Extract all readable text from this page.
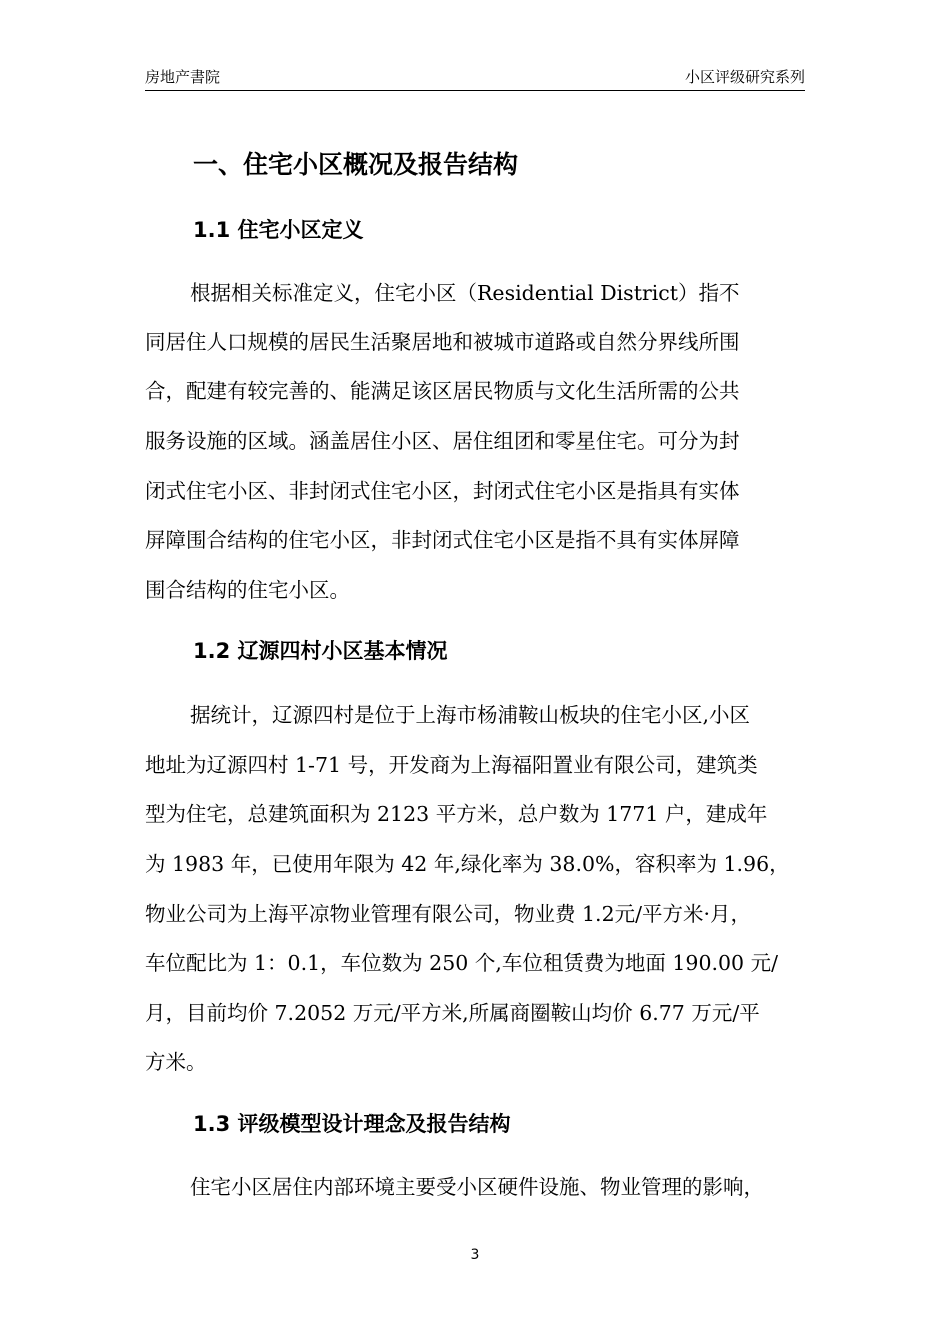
房地产書院	小区评级研究系列
一、住宅小区概况及报告结构
1.1 住宅小区定义
根据相关标准定义，住宅小区（Residential District）指不
同居住人口规模的居民生活聚居地和被城市道路或自然分界线所围
合，配建有较完善的、能满足该区居民物质与文化生活所需的公共
服务设施的区域。涵盖居住小区、居住组团和零星住宅。可分为封
闭式住宅小区、非封闭式住宅小区，封闭式住宅小区是指具有实体
屏障围合结构的住宅小区，非封闭式住宅小区是指不具有实体屏障
围合结构的住宅小区。
1.2 辽源四村小区基本情况
据统计，辽源四村是位于上海市杨浦鞍山板块的住宅小区,小区
地址为辽源四村 1-71 号，开发商为上海福阳置业有限公司，建筑类
型为住宅，总建筑面积为 2123 平方米，总户数为 1771 户，建成年
为 1983 年，已使用年限为 42 年,绿化率为 38.0%，容积率为 1.96，
物业公司为上海平凉物业管理有限公司，物业费 1.2元/平方米·月，
车位配比为 1：0.1，车位数为 250 个,车位租赁费为地面 190.00 元/
月，目前均价 7.2052 万元/平方米,所属商圈鞍山均价 6.77 万元/平
方米。
1.3 评级模型设计理念及报告结构
住宅小区居住内部环境主要受小区硬件设施、物业管理的影响，
3
